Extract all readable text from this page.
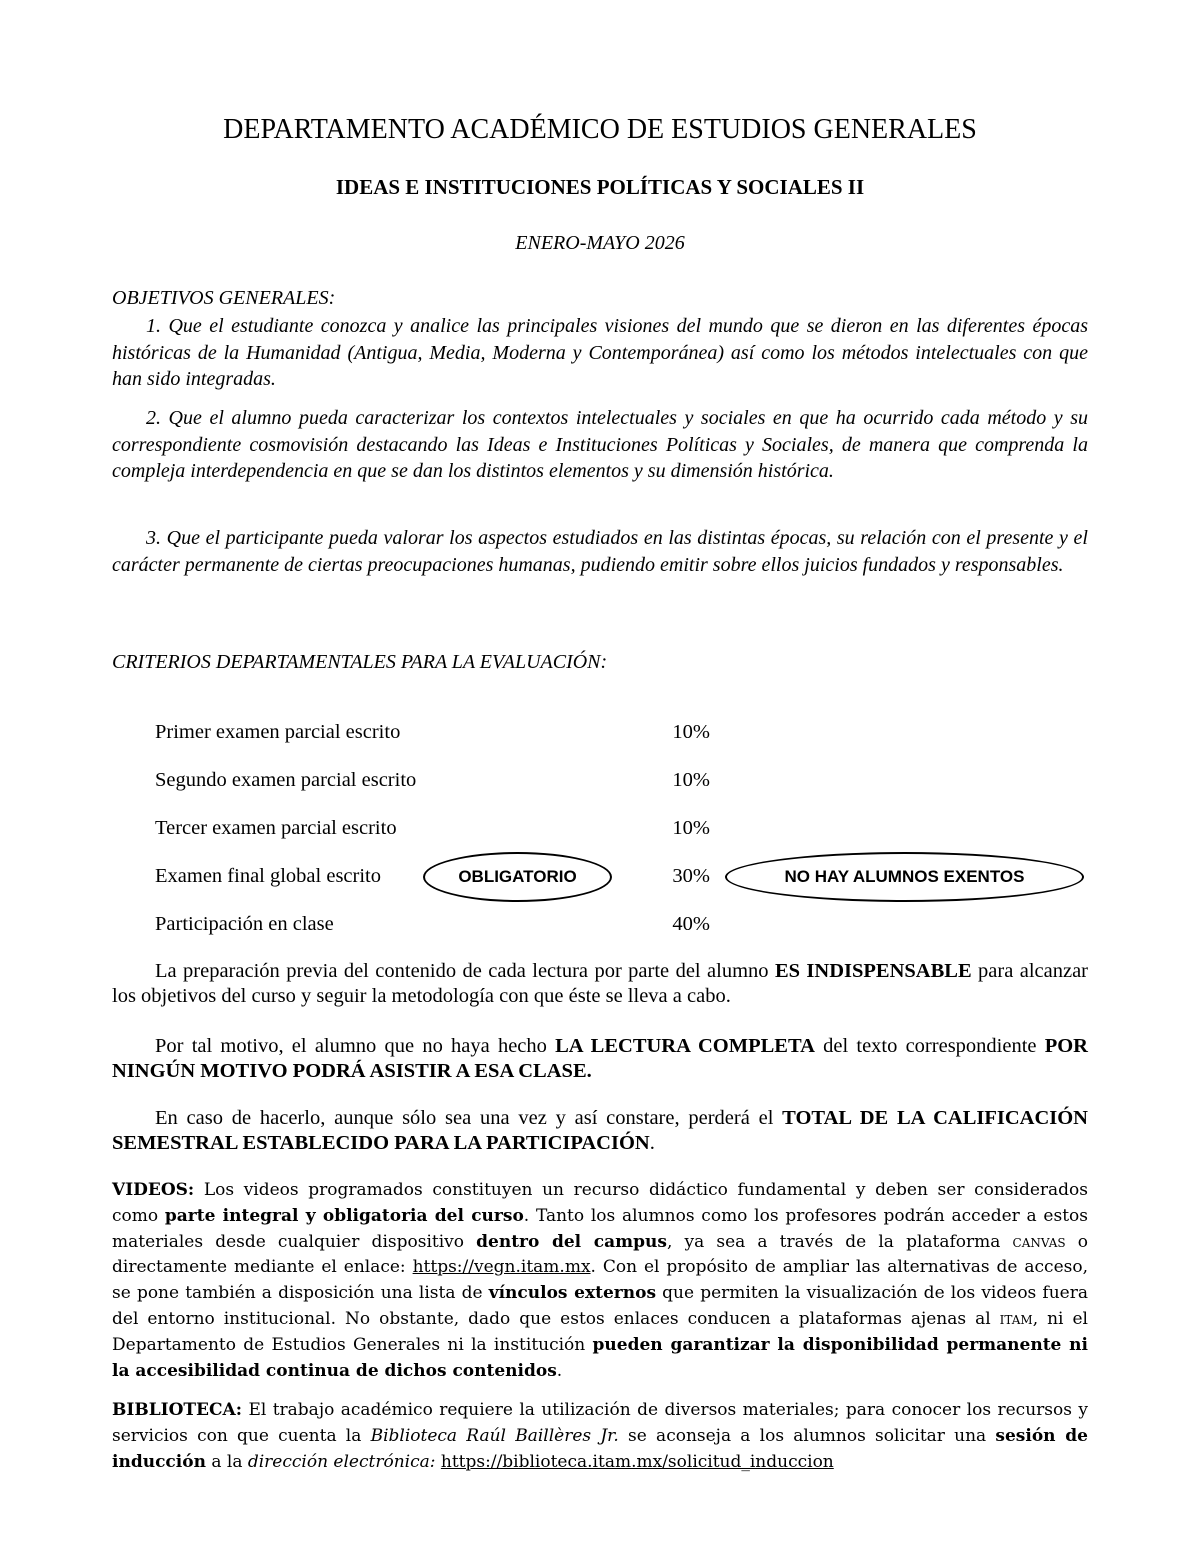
DEPARTAMENTO ACADÉMICO DE ESTUDIOS GENERALES
IDEAS E INSTITUCIONES POLÍTICAS Y SOCIALES II

ENERO-MAYO 2026

OBJETIVOS GENERALES:

1. Que el estudiante conozca y analice las principales visiones del mundo que se dieron en las diferentes épocas históricas de la Humanidad (Antigua, Media, Moderna y Contemporánea) así como los métodos intelectuales con que han sido integradas.

2. Que el alumno pueda caracterizar los contextos intelectuales y sociales en que ha ocurrido cada método y su correspondiente cosmovisión destacando las Ideas e Instituciones Políticas y Sociales, de manera que comprenda la compleja interdependencia en que se dan los distintos elementos y su dimensión histórica.

3. Que el participante pueda valorar los aspectos estudiados en las distintas épocas, su relación con el presente y el carácter permanente de ciertas preocupaciones humanas, pudiendo emitir sobre ellos juicios fundados y responsables.

CRITERIOS DEPARTAMENTALES PARA LA EVALUACIÓN:

Primer examen parcial escrito	10%
Segundo examen parcial escrito	10%
Tercer examen parcial escrito	10%
Examen final global escrito	OBLIGATORIO	30%	NO HAY ALUMNOS EXENTOS
Participación en clase	40%

La preparación previa del contenido de cada lectura por parte del alumno ES INDISPENSABLE para alcanzar los objetivos del curso y seguir la metodología con que éste se lleva a cabo.

Por tal motivo, el alumno que no haya hecho LA LECTURA COMPLETA del texto correspondiente POR NINGÚN MOTIVO PODRÁ ASISTIR A ESA CLASE.

En caso de hacerlo, aunque sólo sea una vez y así constare, perderá el TOTAL DE LA CALIFICACIÓN SEMESTRAL ESTABLECIDO PARA LA PARTICIPACIÓN.

VIDEOS: Los videos programados constituyen un recurso didáctico fundamental y deben ser considerados como parte integral y obligatoria del curso. Tanto los alumnos como los profesores podrán acceder a estos materiales desde cualquier dispositivo dentro del campus, ya sea a través de la plataforma canvas o directamente mediante el enlace: https://vegn.itam.mx. Con el propósito de ampliar las alternativas de acceso, se pone también a disposición una lista de vínculos externos que permiten la visualización de los videos fuera del entorno institucional. No obstante, dado que estos enlaces conducen a plataformas ajenas al itam, ni el Departamento de Estudios Generales ni la institución pueden garantizar la disponibilidad permanente ni la accesibilidad continua de dichos contenidos.

BIBLIOTECA: El trabajo académico requiere la utilización de diversos materiales; para conocer los recursos y servicios con que cuenta la Biblioteca Raúl Baillères Jr. se aconseja a los alumnos solicitar una sesión de inducción a la dirección electrónica: https://biblioteca.itam.mx/solicitud_induccion
